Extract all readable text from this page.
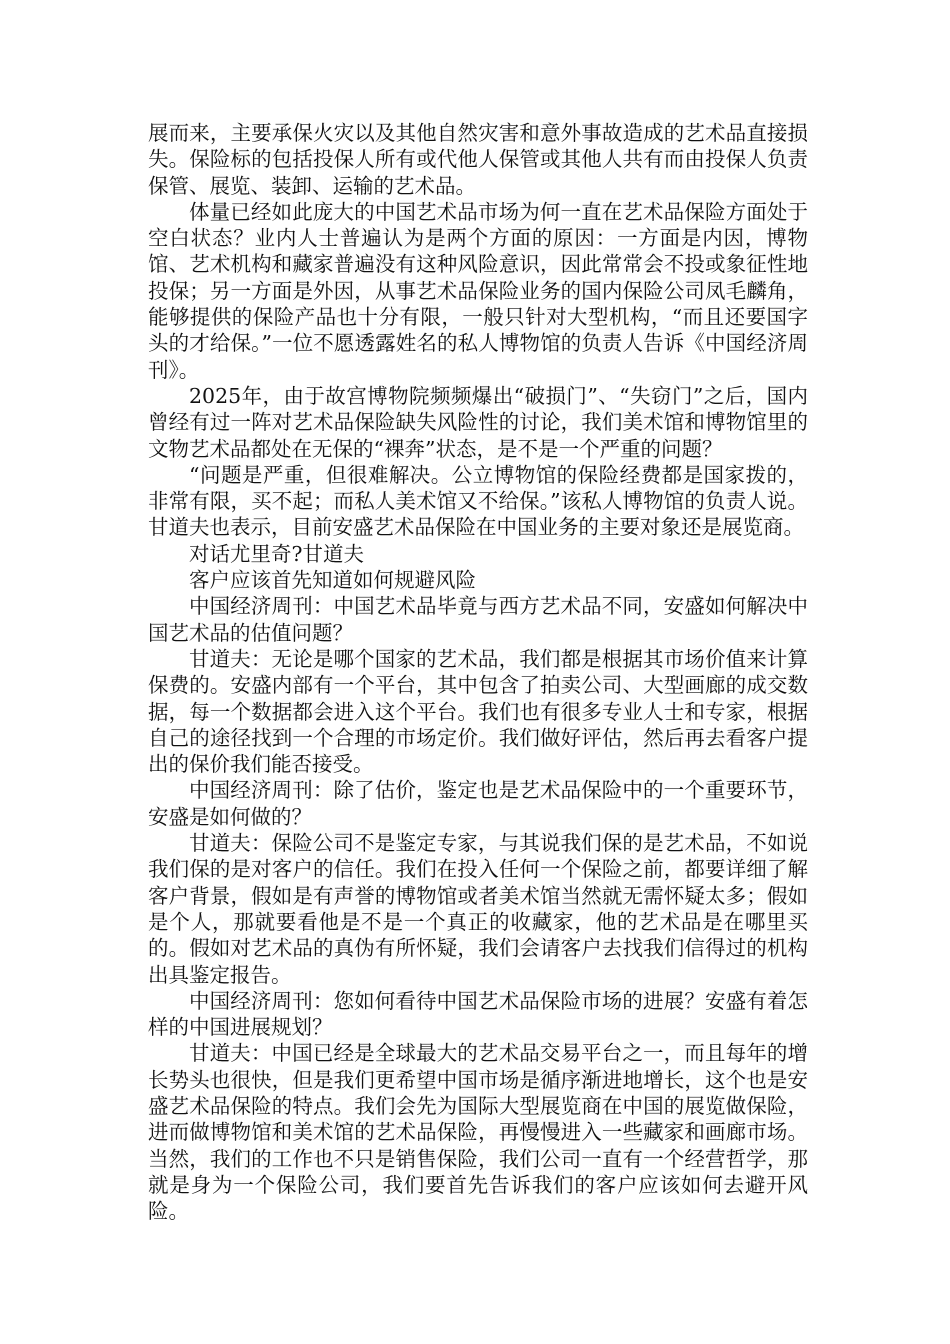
展而来，主要承保火灾以及其他自然灾害和意外事故造成的艺术品直接损失。保险标的包括投保人所有或代他人保管或其他人共有而由投保人负责保管、展览、装卸、运输的艺术品。

体量已经如此庞大的中国艺术品市场为何一直在艺术品保险方面处于空白状态？业内人士普遍认为是两个方面的原因：一方面是内因，博物馆、艺术机构和藏家普遍没有这种风险意识，因此常常会不投或象征性地投保；另一方面是外因，从事艺术品保险业务的国内保险公司凤毛麟角，能够提供的保险产品也十分有限，一般只针对大型机构，“而且还要国字头的才给保。”一位不愿透露姓名的私人博物馆的负责人告诉《中国经济周刊》。

2025年，由于故宫博物院频频爆出“破损门”、“失窃门”之后，国内曾经有过一阵对艺术品保险缺失风险性的讨论，我们美术馆和博物馆里的文物艺术品都处在无保的“裸奔”状态，是不是一个严重的问题？

“问题是严重，但很难解决。公立博物馆的保险经费都是国家拨的，非常有限，买不起；而私人美术馆又不给保。”该私人博物馆的负责人说。甘道夫也表示，目前安盛艺术品保险在中国业务的主要对象还是展览商。

对话尤里奇?甘道夫

客户应该首先知道如何规避风险

中国经济周刊：中国艺术品毕竟与西方艺术品不同，安盛如何解决中国艺术品的估值问题？

甘道夫：无论是哪个国家的艺术品，我们都是根据其市场价值来计算保费的。安盛内部有一个平台，其中包含了拍卖公司、大型画廊的成交数据，每一个数据都会进入这个平台。我们也有很多专业人士和专家，根据自己的途径找到一个合理的市场定价。我们做好评估，然后再去看客户提出的保价我们能否接受。

中国经济周刊：除了估价，鉴定也是艺术品保险中的一个重要环节，安盛是如何做的？

甘道夫：保险公司不是鉴定专家，与其说我们保的是艺术品，不如说我们保的是对客户的信任。我们在投入任何一个保险之前，都要详细了解客户背景，假如是有声誉的博物馆或者美术馆当然就无需怀疑太多；假如是个人，那就要看他是不是一个真正的收藏家，他的艺术品是在哪里买的。假如对艺术品的真伪有所怀疑，我们会请客户去找我们信得过的机构出具鉴定报告。

中国经济周刊：您如何看待中国艺术品保险市场的进展？安盛有着怎样的中国进展规划？

甘道夫：中国已经是全球最大的艺术品交易平台之一，而且每年的增长势头也很快，但是我们更希望中国市场是循序渐进地增长，这个也是安盛艺术品保险的特点。我们会先为国际大型展览商在中国的展览做保险，进而做博物馆和美术馆的艺术品保险，再慢慢进入一些藏家和画廊市场。当然，我们的工作也不只是销售保险，我们公司一直有一个经营哲学，那就是身为一个保险公司，我们要首先告诉我们的客户应该如何去避开风险。
